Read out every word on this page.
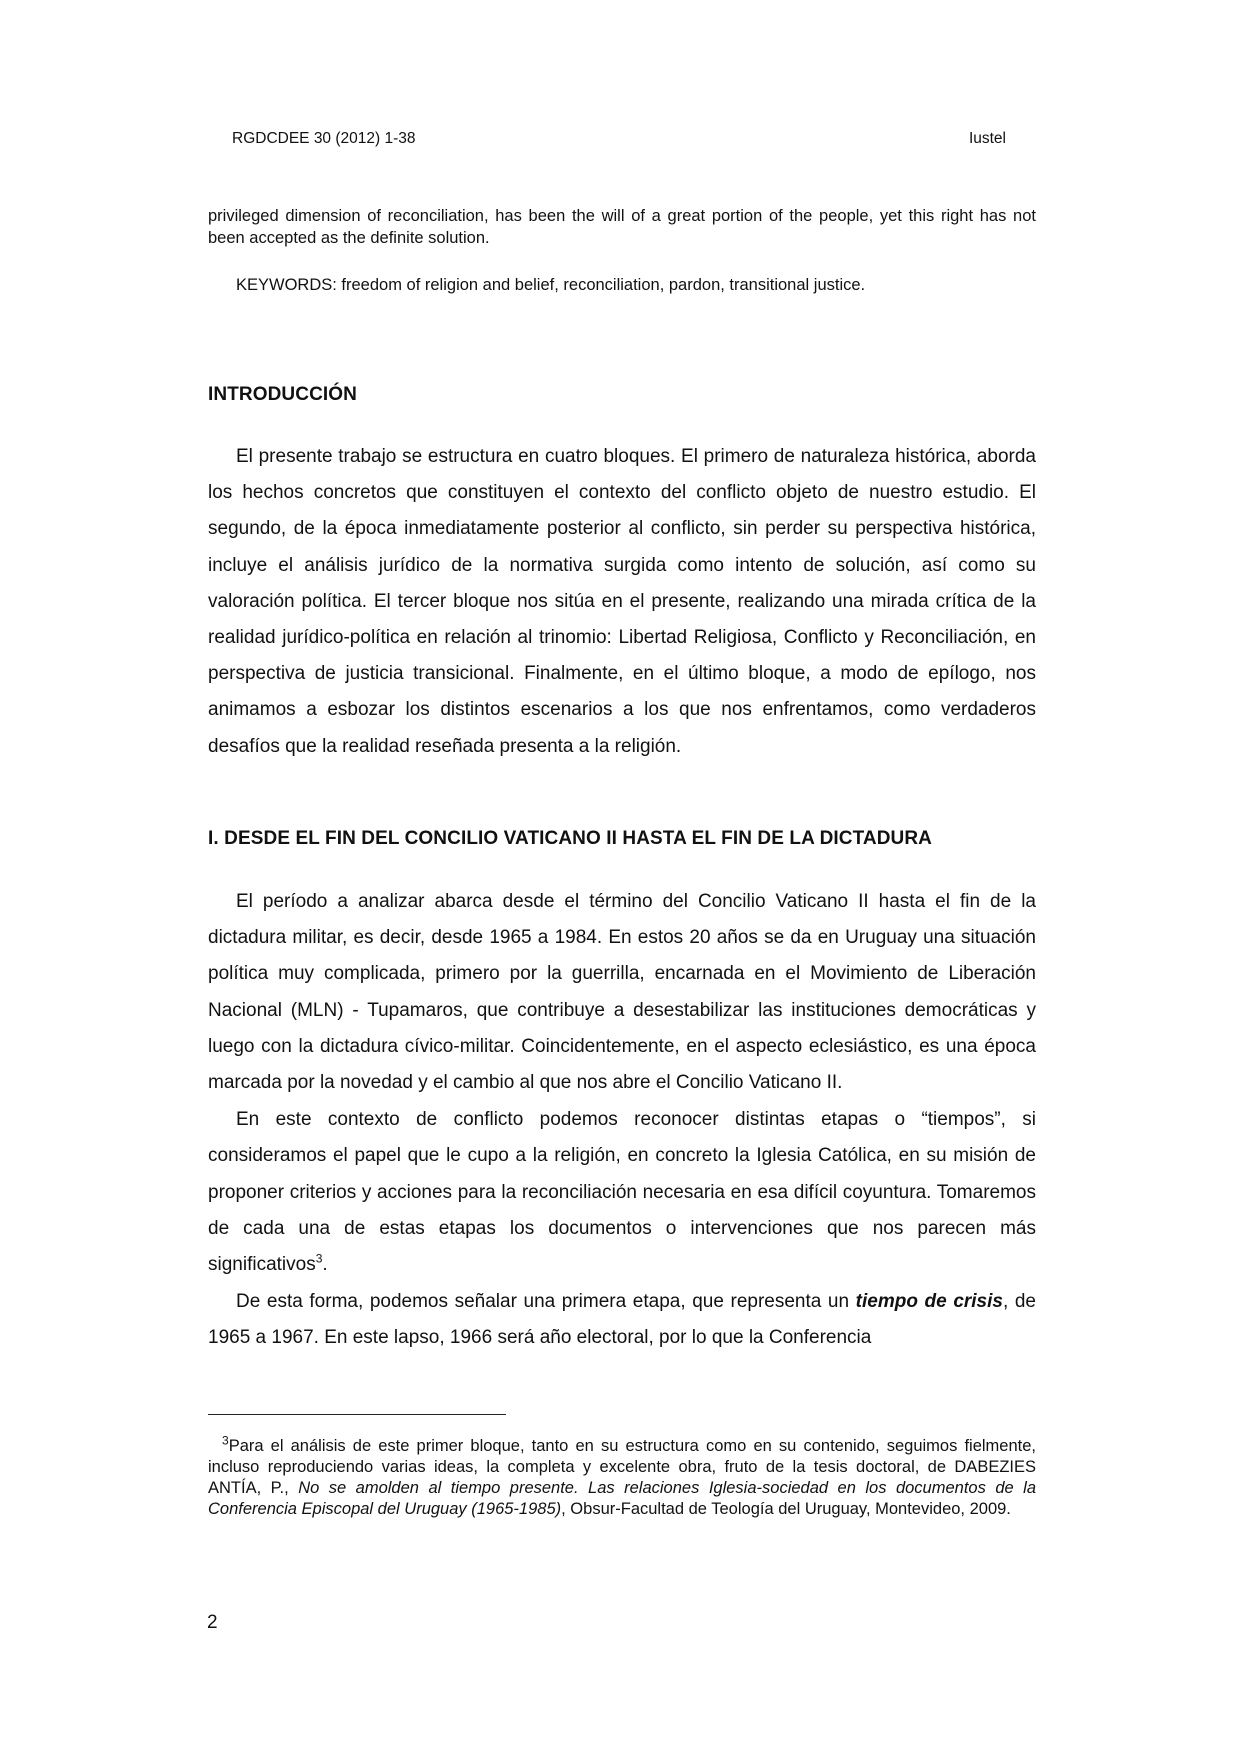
RGDCDEE 30 (2012) 1-38	Iustel

privileged dimension of reconciliation, has been the will of a great portion of the people, yet this right has not been accepted as the definite solution.

KEYWORDS: freedom of religion and belief, reconciliation, pardon, transitional justice.

INTRODUCCIÓN

El presente trabajo se estructura en cuatro bloques. El primero de naturaleza histórica, aborda los hechos concretos que constituyen el contexto del conflicto objeto de nuestro estudio. El segundo, de la época inmediatamente posterior al conflicto, sin perder su perspectiva histórica, incluye el análisis jurídico de la normativa surgida como intento de solución, así como su valoración política. El tercer bloque nos sitúa en el presente, realizando una mirada crítica de la realidad jurídico-política en relación al trinomio: Libertad Religiosa, Conflicto y Reconciliación, en perspectiva de justicia transicional. Finalmente, en el último bloque, a modo de epílogo, nos animamos a esbozar los distintos escenarios a los que nos enfrentamos, como verdaderos desafíos que la realidad reseñada presenta a la religión.

I. DESDE EL FIN DEL CONCILIO VATICANO II HASTA EL FIN DE LA DICTADURA

El período a analizar abarca desde el término del Concilio Vaticano II hasta el fin de la dictadura militar, es decir, desde 1965 a 1984. En estos 20 años se da en Uruguay una situación política muy complicada, primero por la guerrilla, encarnada en el Movimiento de Liberación Nacional (MLN) - Tupamaros, que contribuye a desestabilizar las instituciones democráticas y luego con la dictadura cívico-militar. Coincidentemente, en el aspecto eclesiástico, es una época marcada por la novedad y el cambio al que nos abre el Concilio Vaticano II.

En este contexto de conflicto podemos reconocer distintas etapas o “tiempos”, si consideramos el papel que le cupo a la religión, en concreto la Iglesia Católica, en su misión de proponer criterios y acciones para la reconciliación necesaria en esa difícil coyuntura. Tomaremos de cada una de estas etapas los documentos o intervenciones que nos parecen más significativos$^3$.

De esta forma, podemos señalar una primera etapa, que representa un tiempo de crisis, de 1965 a 1967. En este lapso, 1966 será año electoral, por lo que la Conferencia

$^3$Para el análisis de este primer bloque, tanto en su estructura como en su contenido, seguimos fielmente, incluso reproduciendo varias ideas, la completa y excelente obra, fruto de la tesis doctoral, de DABEZIES ANTÍA, P., No se amolden al tiempo presente. Las relaciones Iglesia-sociedad en los documentos de la Conferencia Episcopal del Uruguay (1965-1985), Obsur-Facultad de Teología del Uruguay, Montevideo, 2009.

2
